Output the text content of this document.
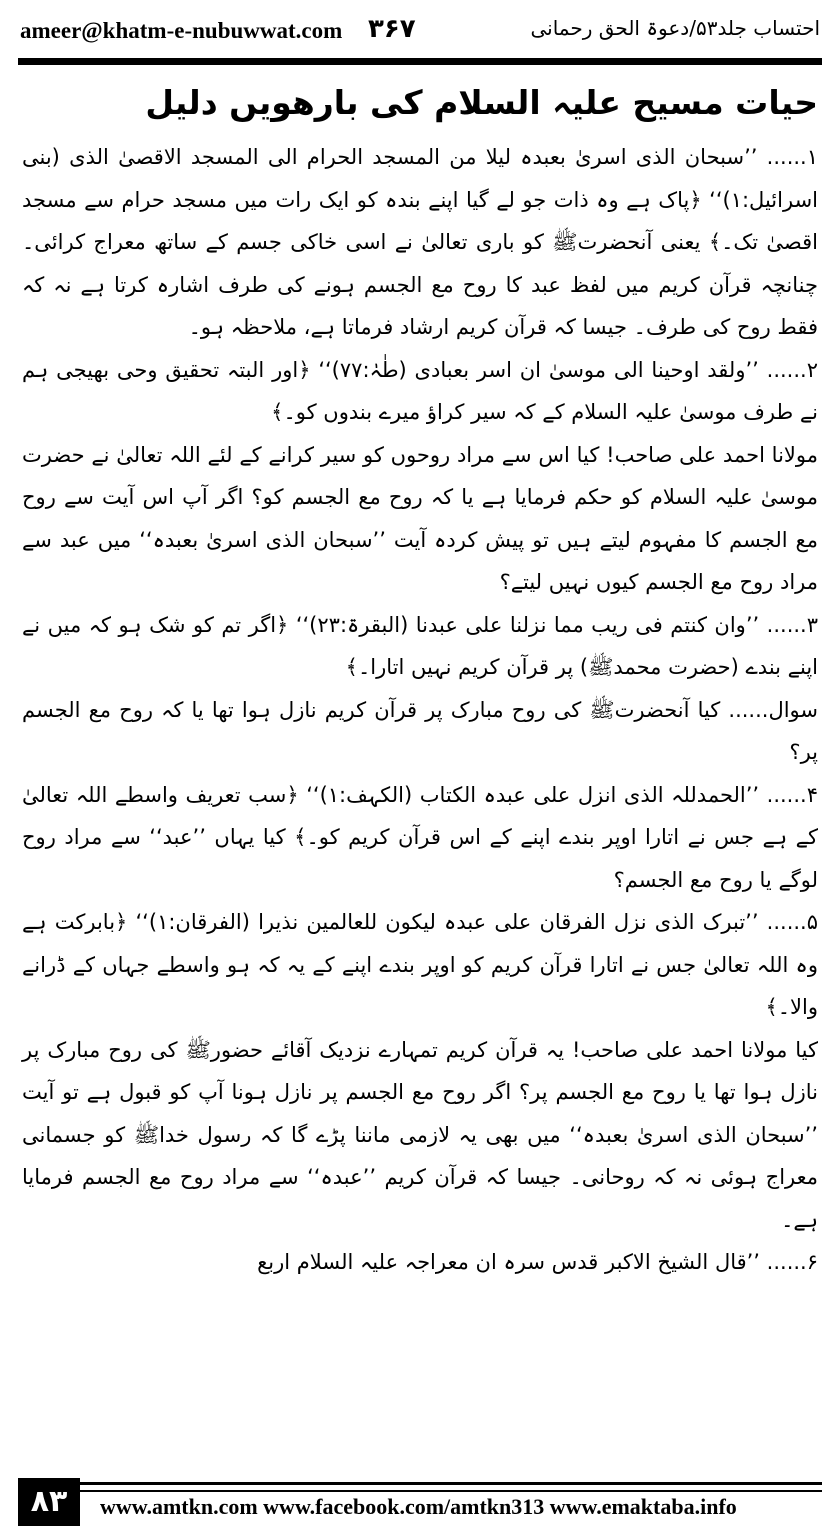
ameer@khatm-e-nubuwwat.com ۳۶۷	احتساب جلد۵۳/دعوۃ الحق رحمانی
حیات مسیح علیہ السلام کی بارھویں دلیل

۱...... ’’سبحان الذی اسریٰ بعبدہ لیلا من المسجد الحرام الی المسجد الاقصیٰ الذی (بنی اسرائیل:۱)‘‘ ﴿پاک ہے وہ ذات جو لے گیا اپنے بندہ کو ایک رات میں مسجد حرام سے مسجد اقصیٰ تک۔﴾ یعنی آنحضرتﷺ کو باری تعالیٰ نے اسی خاکی جسم کے ساتھ معراج کرائی۔ چنانچہ قرآن کریم میں لفظ عبد کا روح مع الجسم ہونے کی طرف اشارہ کرتا ہے نہ کہ فقط روح کی طرف۔ جیسا کہ قرآن کریم ارشاد فرماتا ہے، ملاحظہ ہو۔

۲...... ’’ولقد اوحینا الی موسیٰ ان اسر بعبادی (طٰہٰ:۷۷)‘‘ ﴿اور البتہ تحقیق وحی بھیجی ہم نے طرف موسیٰ علیہ السلام کے کہ سیر کراؤ میرے بندوں کو۔﴾

مولانا احمد علی صاحب! کیا اس سے مراد روحوں کو سیر کرانے کے لئے اللہ تعالیٰ نے حضرت موسیٰ علیہ السلام کو حکم فرمایا ہے یا کہ روح مع الجسم کو؟ اگر آپ اس آیت سے روح مع الجسم کا مفہوم لیتے ہیں تو پیش کردہ آیت ’’سبحان الذی اسریٰ بعبدہ‘‘ میں عبد سے مراد روح مع الجسم کیوں نہیں لیتے؟

۳...... ’’وان کنتم فی ریب مما نزلنا علی عبدنا (البقرۃ:۲۳)‘‘ ﴿اگر تم کو شک ہو کہ میں نے اپنے بندے (حضرت محمدﷺ) پر قرآن کریم نہیں اتارا۔﴾

سوال...... کیا آنحضرتﷺ کی روح مبارک پر قرآن کریم نازل ہوا تھا یا کہ روح مع الجسم پر؟

۴...... ’’الحمدللہ الذی انزل علی عبدہ الکتاب (الکہف:۱)‘‘ ﴿سب تعریف واسطے اللہ تعالیٰ کے ہے جس نے اتارا اوپر بندے اپنے کے اس قرآن کریم کو۔﴾ کیا یہاں ’’عبد‘‘ سے مراد روح لوگے یا روح مع الجسم؟

۵...... ’’تبرک الذی نزل الفرقان علی عبدہ لیکون للعالمین نذیرا (الفرقان:۱)‘‘ ﴿بابرکت ہے وہ اللہ تعالیٰ جس نے اتارا قرآن کریم کو اوپر بندے اپنے کے یہ کہ ہو واسطے جہاں کے ڈرانے والا۔﴾

کیا مولانا احمد علی صاحب! یہ قرآن کریم تمہارے نزدیک آقائے حضورﷺ کی روح مبارک پر نازل ہوا تھا یا روح مع الجسم پر؟ اگر روح مع الجسم پر نازل ہونا آپ کو قبول ہے تو آیت ’’سبحان الذی اسریٰ بعبدہ‘‘ میں بھی یہ لازمی ماننا پڑے گا کہ رسول خداﷺ کو جسمانی معراج ہوئی نہ کہ روحانی۔ جیسا کہ قرآن کریم ’’عبدہ‘‘ سے مراد روح مع الجسم فرمایا ہے۔

۶...... ’’قال الشیخ الاکبر قدس سرہ ان معراجہ علیہ السلام اربع

۸۳	www.amtkn.com www.facebook.com/amtkn313 www.emaktaba.info
